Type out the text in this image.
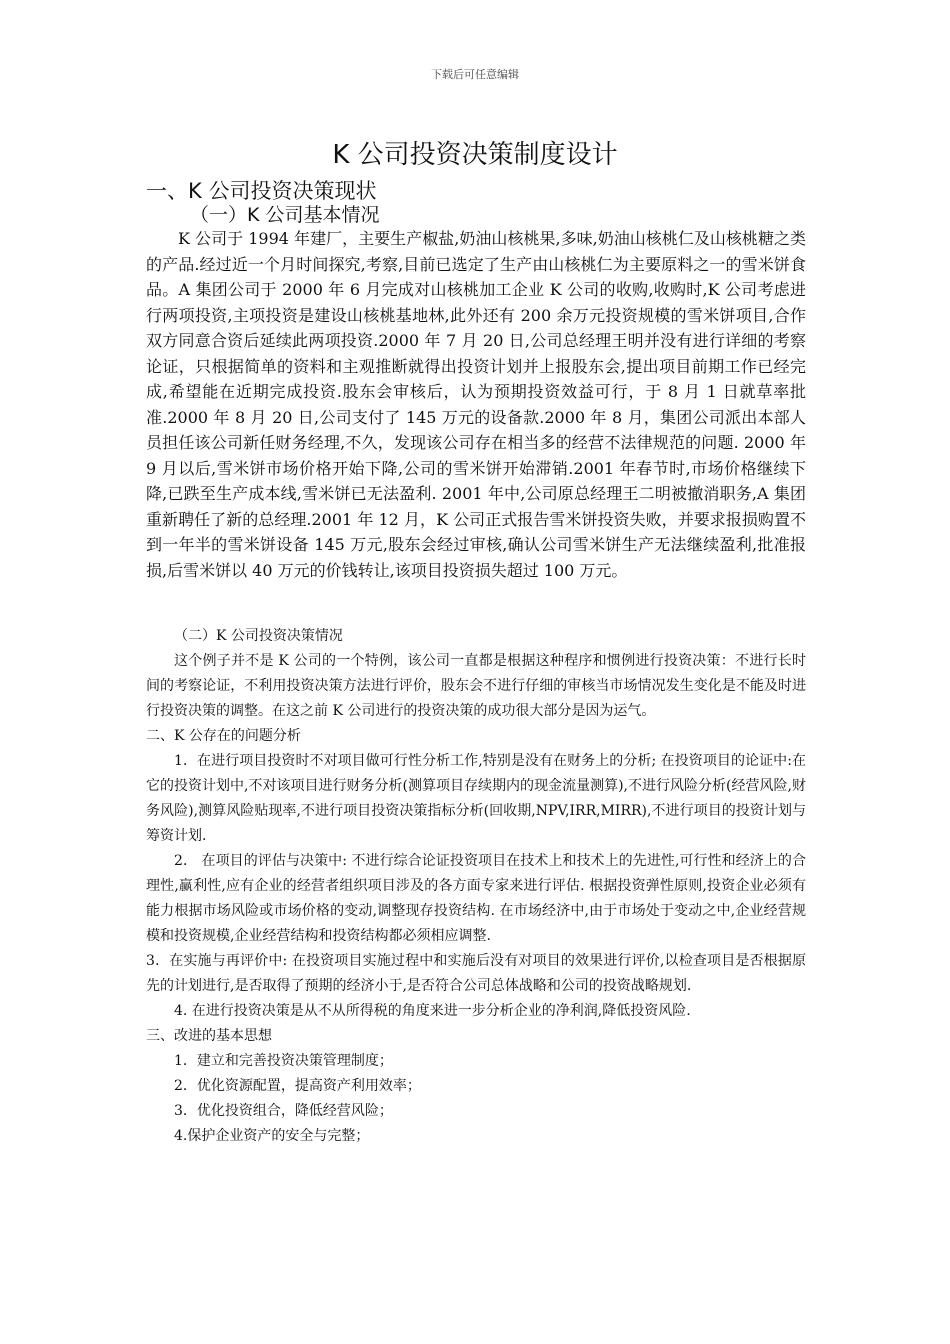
下载后可任意编辑
K 公司投资决策制度设计
一、K 公司投资决策现状
（一）K 公司基本情况

K 公司于 1994 年建厂，主要生产椒盐,奶油山核桃果,多味,奶油山核桃仁及山核桃糖之类的产品.经过近一个月时间探究,考察,目前已选定了生产由山核桃仁为主要原料之一的雪米饼食品。A 集团公司于 2000 年 6 月完成对山核桃加工企业 K 公司的收购,收购时,K 公司考虑进行两项投资,主项投资是建设山核桃基地林,此外还有 200 余万元投资规模的雪米饼项目,合作双方同意合资后延续此两项投资.2000 年 7 月 20 日,公司总经理王明并没有进行详细的考察论证，只根据简单的资料和主观推断就得出投资计划并上报股东会,提出项目前期工作已经完成,希望能在近期完成投资.股东会审核后，认为预期投资效益可行，于 8 月 1 日就草率批准.2000 年 8 月 20 日,公司支付了 145 万元的设备款.2000 年 8 月，集团公司派出本部人员担任该公司新任财务经理,不久，发现该公司存在相当多的经营不法律规范的问题. 2000 年 9 月以后,雪米饼市场价格开始下降,公司的雪米饼开始滞销.2001 年春节时,市场价格继续下降,已跌至生产成本线,雪米饼已无法盈利. 2001 年中,公司原总经理王二明被撤消职务,A 集团重新聘任了新的总经理.2001 年 12 月，K 公司正式报告雪米饼投资失败，并要求报损购置不到一年半的雪米饼设备 145 万元,股东会经过审核,确认公司雪米饼生产无法继续盈利,批准报损,后雪米饼以 40 万元的价钱转让,该项目投资损失超过 100 万元。

（二）K 公司投资决策情况

这个例子并不是 K 公司的一个特例，该公司一直都是根据这种程序和惯例进行投资决策：不进行长时间的考察论证，不利用投资决策方法进行评价，股东会不进行仔细的审核当市场情况发生变化是不能及时进行投资决策的调整。在这之前 K 公司进行的投资决策的成功很大部分是因为运气。

二、K 公存在的问题分析

1．在进行项目投资时不对项目做可行性分析工作,特别是没有在财务上的分析; 在投资项目的论证中:在它的投资计划中,不对该项目进行财务分析(测算项目存续期内的现金流量测算),不进行风险分析(经营风险,财务风险),测算风险贴现率,不进行项目投资决策指标分析(回收期,NPV,IRR,MIRR),不进行项目的投资计划与筹资计划.

2． 在项目的评估与决策中: 不进行综合论证投资项目在技术上和技术上的先进性,可行性和经济上的合理性,赢利性,应有企业的经营者组织项目涉及的各方面专家来进行评估. 根据投资弹性原则,投资企业必须有能力根据市场风险或市场价格的变动,调整现存投资结构. 在市场经济中,由于市场处于变动之中,企业经营规模和投资规模,企业经营结构和投资结构都必须相应调整.

3．在实施与再评价中: 在投资项目实施过程中和实施后没有对项目的效果进行评价,以检查项目是否根据原先的计划进行,是否取得了预期的经济小于,是否符合公司总体战略和公司的投资战略规划.

4. 在进行投资决策是从不从所得税的角度来进一步分析企业的净利润,降低投资风险.

三、改进的基本思想

1．建立和完善投资决策管理制度；

2．优化资源配置，提高资产利用效率；

3．优化投资组合，降低经营风险；

4.保护企业资产的安全与完整；
